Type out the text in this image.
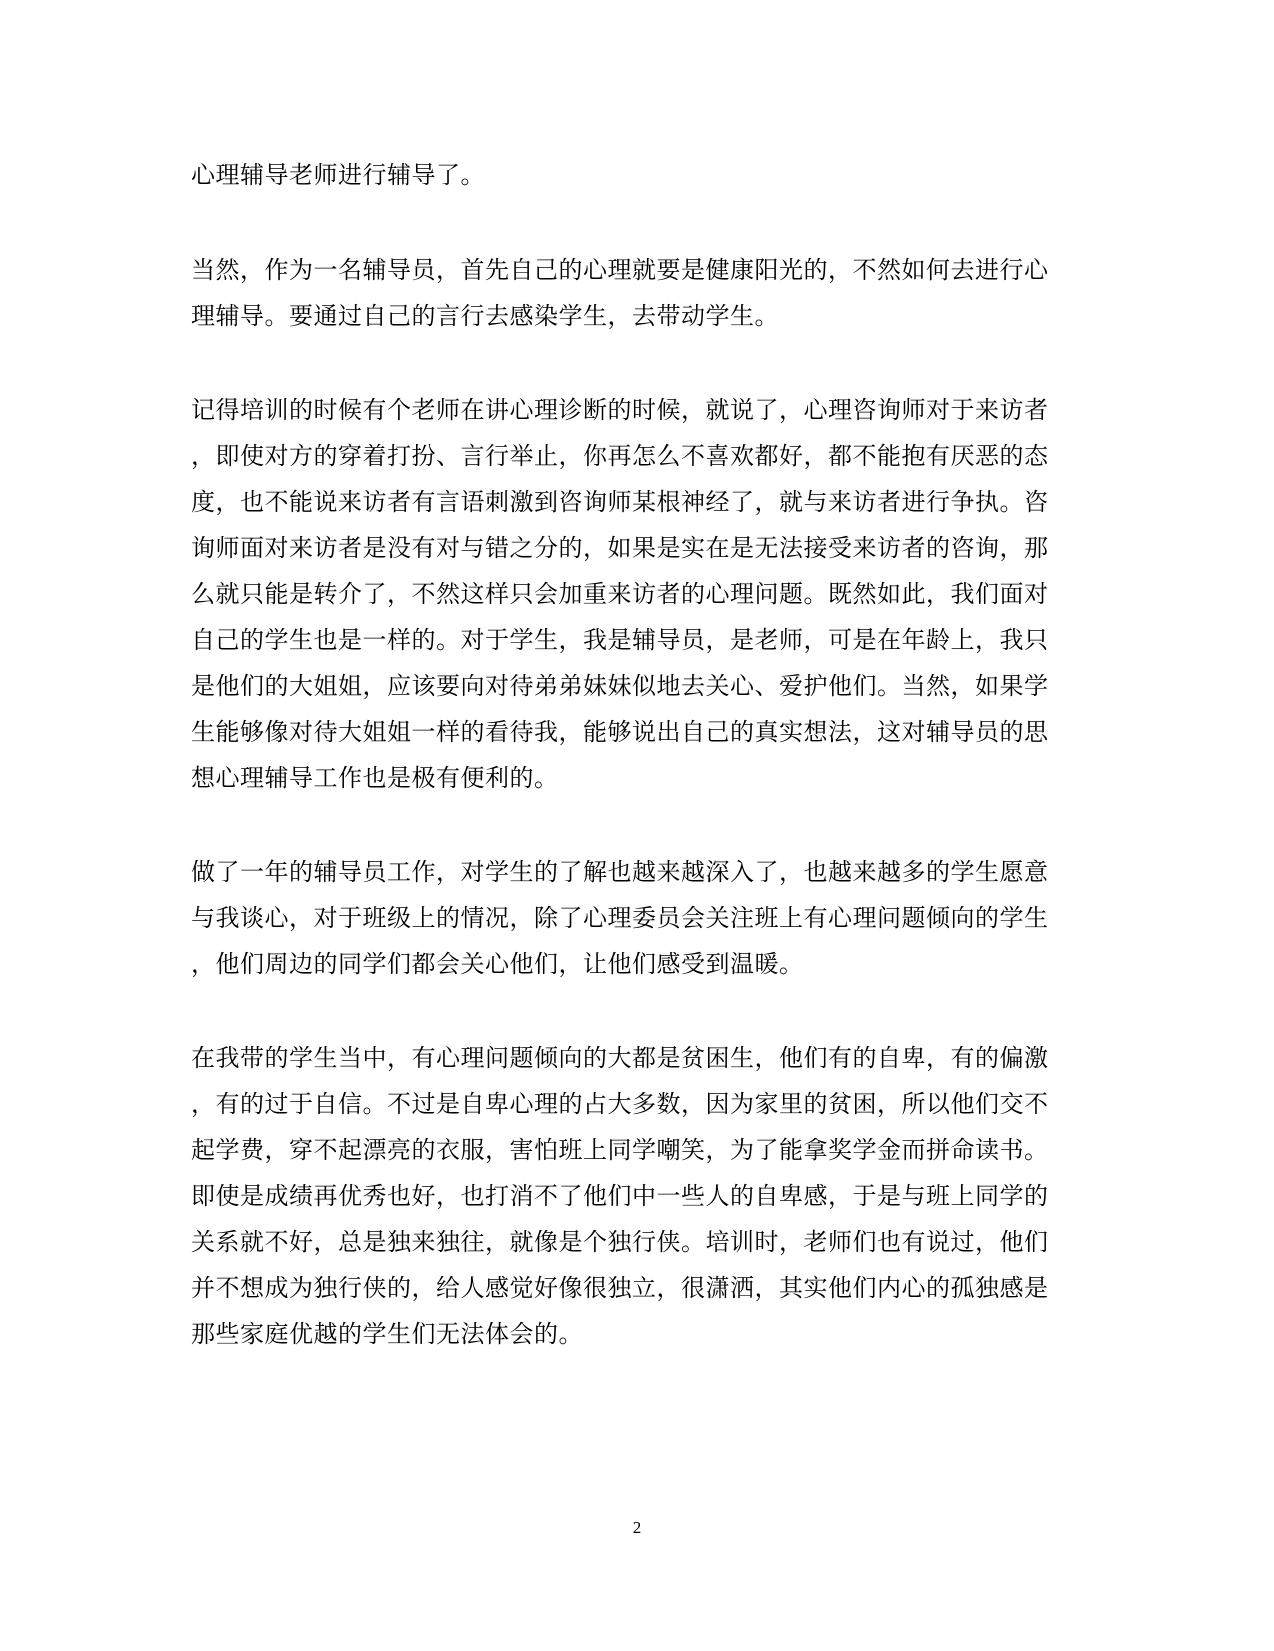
心理辅导老师进行辅导了。
当然，作为一名辅导员，首先自己的心理就要是健康阳光的，不然如何去进行心
理辅导。要通过自己的言行去感染学生，去带动学生。
记得培训的时候有个老师在讲心理诊断的时候，就说了，心理咨询师对于来访者
，即使对方的穿着打扮、言行举止，你再怎么不喜欢都好，都不能抱有厌恶的态
度，也不能说来访者有言语刺激到咨询师某根神经了，就与来访者进行争执。咨
询师面对来访者是没有对与错之分的，如果是实在是无法接受来访者的咨询，那
么就只能是转介了，不然这样只会加重来访者的心理问题。既然如此，我们面对
自己的学生也是一样的。对于学生，我是辅导员，是老师，可是在年龄上，我只
是他们的大姐姐，应该要向对待弟弟妹妹似地去关心、爱护他们。当然，如果学
生能够像对待大姐姐一样的看待我，能够说出自己的真实想法，这对辅导员的思
想心理辅导工作也是极有便利的。
做了一年的辅导员工作，对学生的了解也越来越深入了，也越来越多的学生愿意
与我谈心，对于班级上的情况，除了心理委员会关注班上有心理问题倾向的学生
，他们周边的同学们都会关心他们，让他们感受到温暖。
在我带的学生当中，有心理问题倾向的大都是贫困生，他们有的自卑，有的偏激
，有的过于自信。不过是自卑心理的占大多数，因为家里的贫困，所以他们交不
起学费，穿不起漂亮的衣服，害怕班上同学嘲笑，为了能拿奖学金而拼命读书。
即使是成绩再优秀也好，也打消不了他们中一些人的自卑感，于是与班上同学的
关系就不好，总是独来独往，就像是个独行侠。培训时，老师们也有说过，他们
并不想成为独行侠的，给人感觉好像很独立，很潇洒，其实他们内心的孤独感是
那些家庭优越的学生们无法体会的。
2
